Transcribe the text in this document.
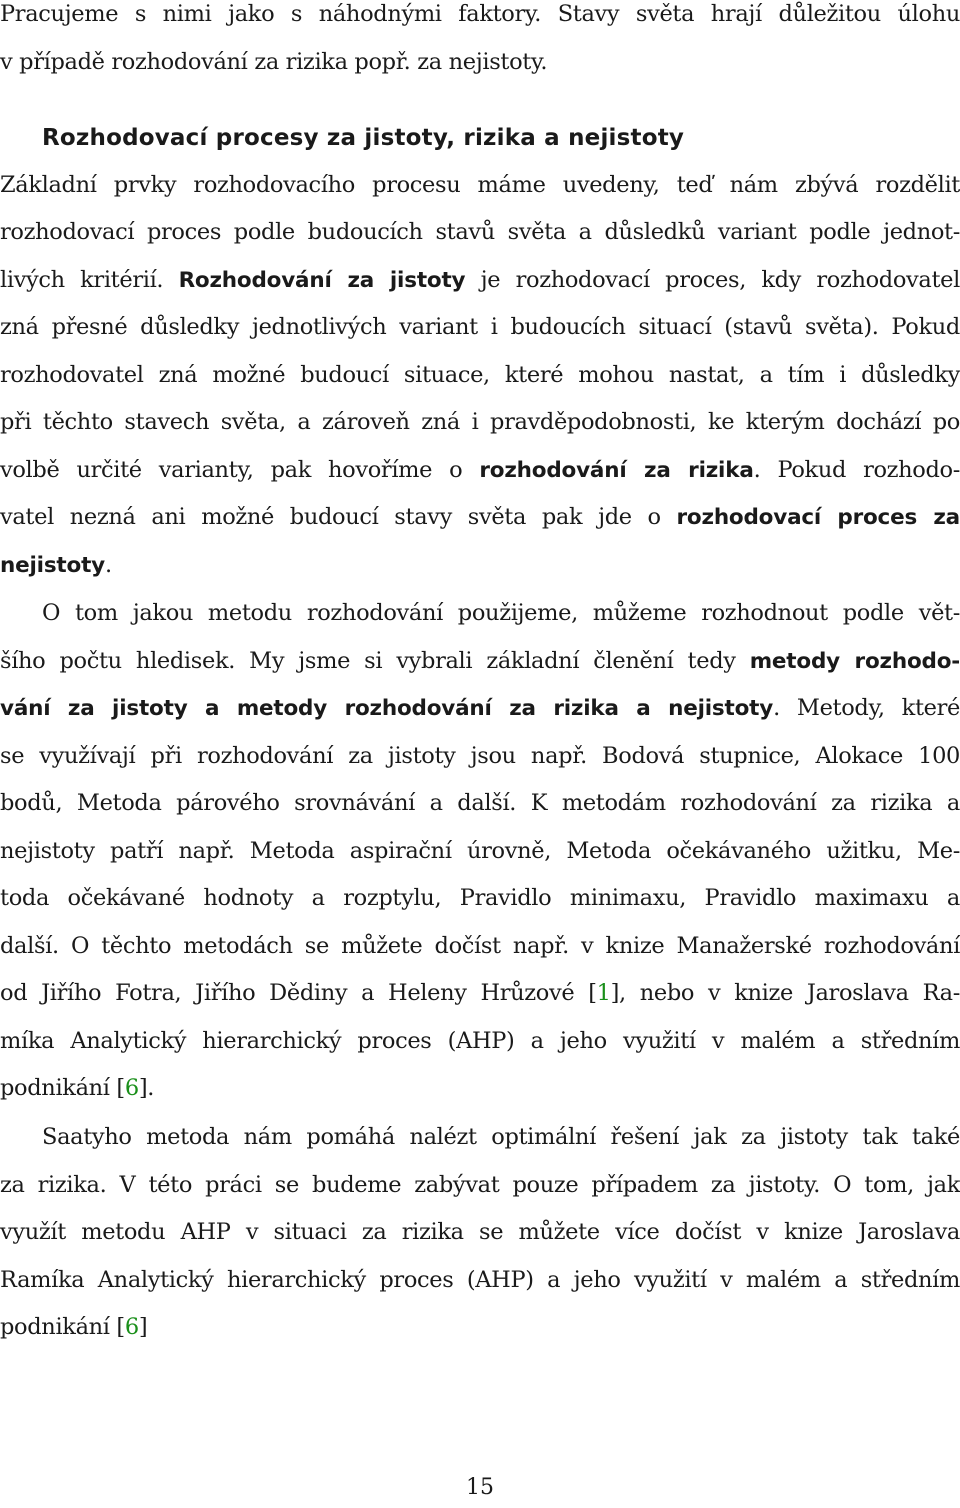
Pracujeme s nimi jako s náhodnými faktory. Stavy světa hrají důležitou úlohu
v případě rozhodování za rizika popř. za nejistoty.
Rozhodovací procesy za jistoty, rizika a nejistoty
Základní prvky rozhodovacího procesu máme uvedeny, teď nám zbývá rozdělit
rozhodovací proces podle budoucích stavů světa a důsledků variant podle jednot-
livých kritérií. Rozhodování za jistoty je rozhodovací proces, kdy rozhodovatel
zná přesné důsledky jednotlivých variant i budoucích situací (stavů světa). Pokud
rozhodovatel zná možné budoucí situace, které mohou nastat, a tím i důsledky
při těchto stavech světa, a zároveň zná i pravděpodobnosti, ke kterým dochází po
volbě určité varianty, pak hovoříme o rozhodování za rizika. Pokud rozhodo-
vatel nezná ani možné budoucí stavy světa pak jde o rozhodovací proces za
nejistoty.
O tom jakou metodu rozhodování použijeme, můžeme rozhodnout podle vět-
šího počtu hledisek. My jsme si vybrali základní členění tedy metody rozhodo-
vání za jistoty a metody rozhodování za rizika a nejistoty. Metody, které
se využívají při rozhodování za jistoty jsou např. Bodová stupnice, Alokace 100
bodů, Metoda párového srovnávání a další. K metodám rozhodování za rizika a
nejistoty patří např. Metoda aspirační úrovně, Metoda očekávaného užitku, Me-
toda očekávané hodnoty a rozptylu, Pravidlo minimaxu, Pravidlo maximaxu a
další. O těchto metodách se můžete dočíst např. v knize Manažerské rozhodování
od Jiřího Fotra, Jiřího Dědiny a Heleny Hrůzové [1], nebo v knize Jaroslava Ra-
míka Analytický hierarchický proces (AHP) a jeho využití v malém a středním
podnikání [6].
Saatyho metoda nám pomáhá nalézt optimální řešení jak za jistoty tak také
za rizika. V této práci se budeme zabývat pouze případem za jistoty. O tom, jak
využít metodu AHP v situaci za rizika se můžete více dočíst v knize Jaroslava
Ramíka Analytický hierarchický proces (AHP) a jeho využití v malém a středním
podnikání [6]
15
